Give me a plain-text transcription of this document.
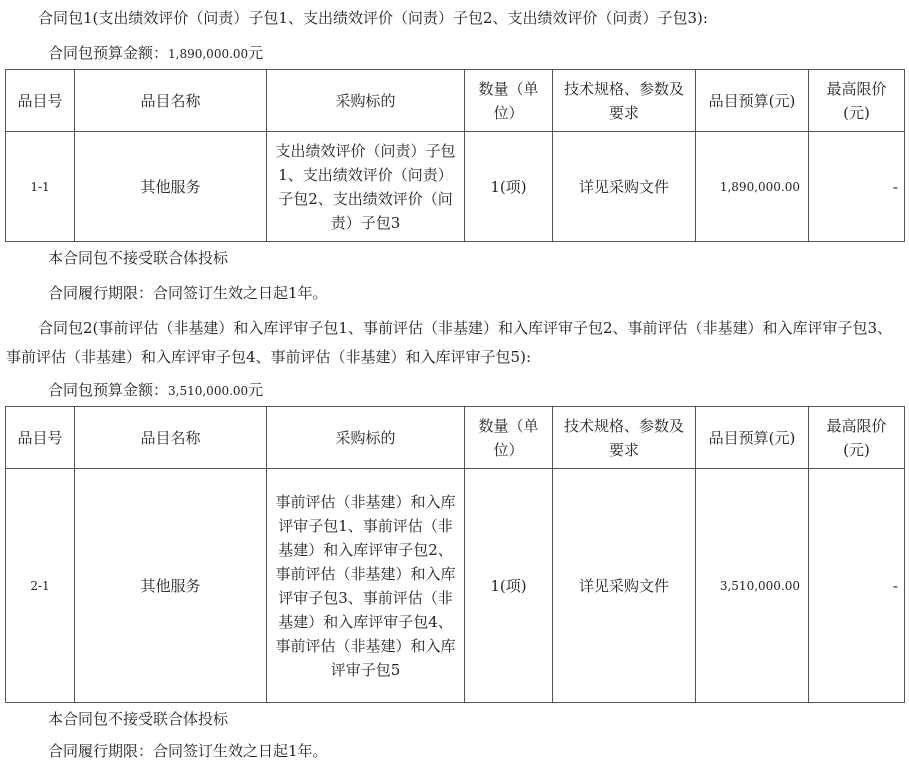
合同包1(支出绩效评价（问责）子包1、支出绩效评价（问责）子包2、支出绩效评价（问责）子包3):
合同包预算金额：1,890,000.00元
品目号	品目名称	采购标的	数量（单位）	技术规格、参数及要求	品目预算(元)	最高限价(元)
1-1	其他服务	支出绩效评价（问责）子包1、支出绩效评价（问责）子包2、支出绩效评价（问责）子包3	1(项)	详见采购文件	1,890,000.00	-
本合同包不接受联合体投标
合同履行期限：合同签订生效之日起1年。
合同包2(事前评估（非基建）和入库评审子包1、事前评估（非基建）和入库评审子包2、事前评估（非基建）和入库评审子包3、事前评估（非基建）和入库评审子包4、事前评估（非基建）和入库评审子包5):
合同包预算金额：3,510,000.00元
品目号	品目名称	采购标的	数量（单位）	技术规格、参数及要求	品目预算(元)	最高限价(元)
2-1	其他服务	事前评估（非基建）和入库评审子包1、事前评估（非基建）和入库评审子包2、事前评估（非基建）和入库评审子包3、事前评估（非基建）和入库评审子包4、事前评估（非基建）和入库评审子包5	1(项)	详见采购文件	3,510,000.00	-
本合同包不接受联合体投标
合同履行期限：合同签订生效之日起1年。
